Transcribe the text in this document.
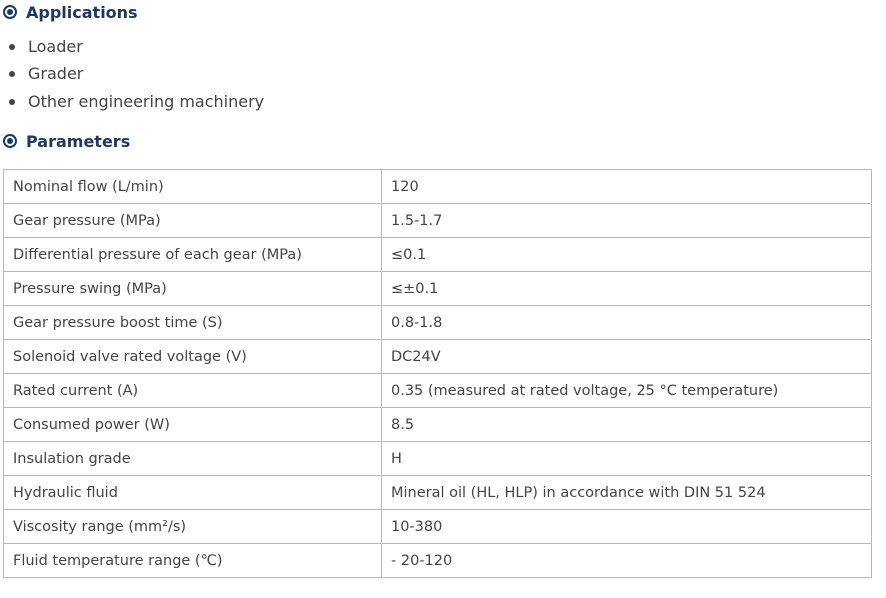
Applications
Loader
Grader
Other engineering machinery
Parameters
Nominal flow (L/min)	120
Gear pressure (MPa)	1.5-1.7
Differential pressure of each gear (MPa)	≤0.1
Pressure swing (MPa)	≤±0.1
Gear pressure boost time (S)	0.8-1.8
Solenoid valve rated voltage (V)	DC24V
Rated current (A)	0.35 (measured at rated voltage, 25 °C temperature)
Consumed power (W)	8.5
Insulation grade	H
Hydraulic fluid	Mineral oil (HL, HLP) in accordance with DIN 51 524
Viscosity range (mm²/s)	10-380
Fluid temperature range (℃)	- 20-120
